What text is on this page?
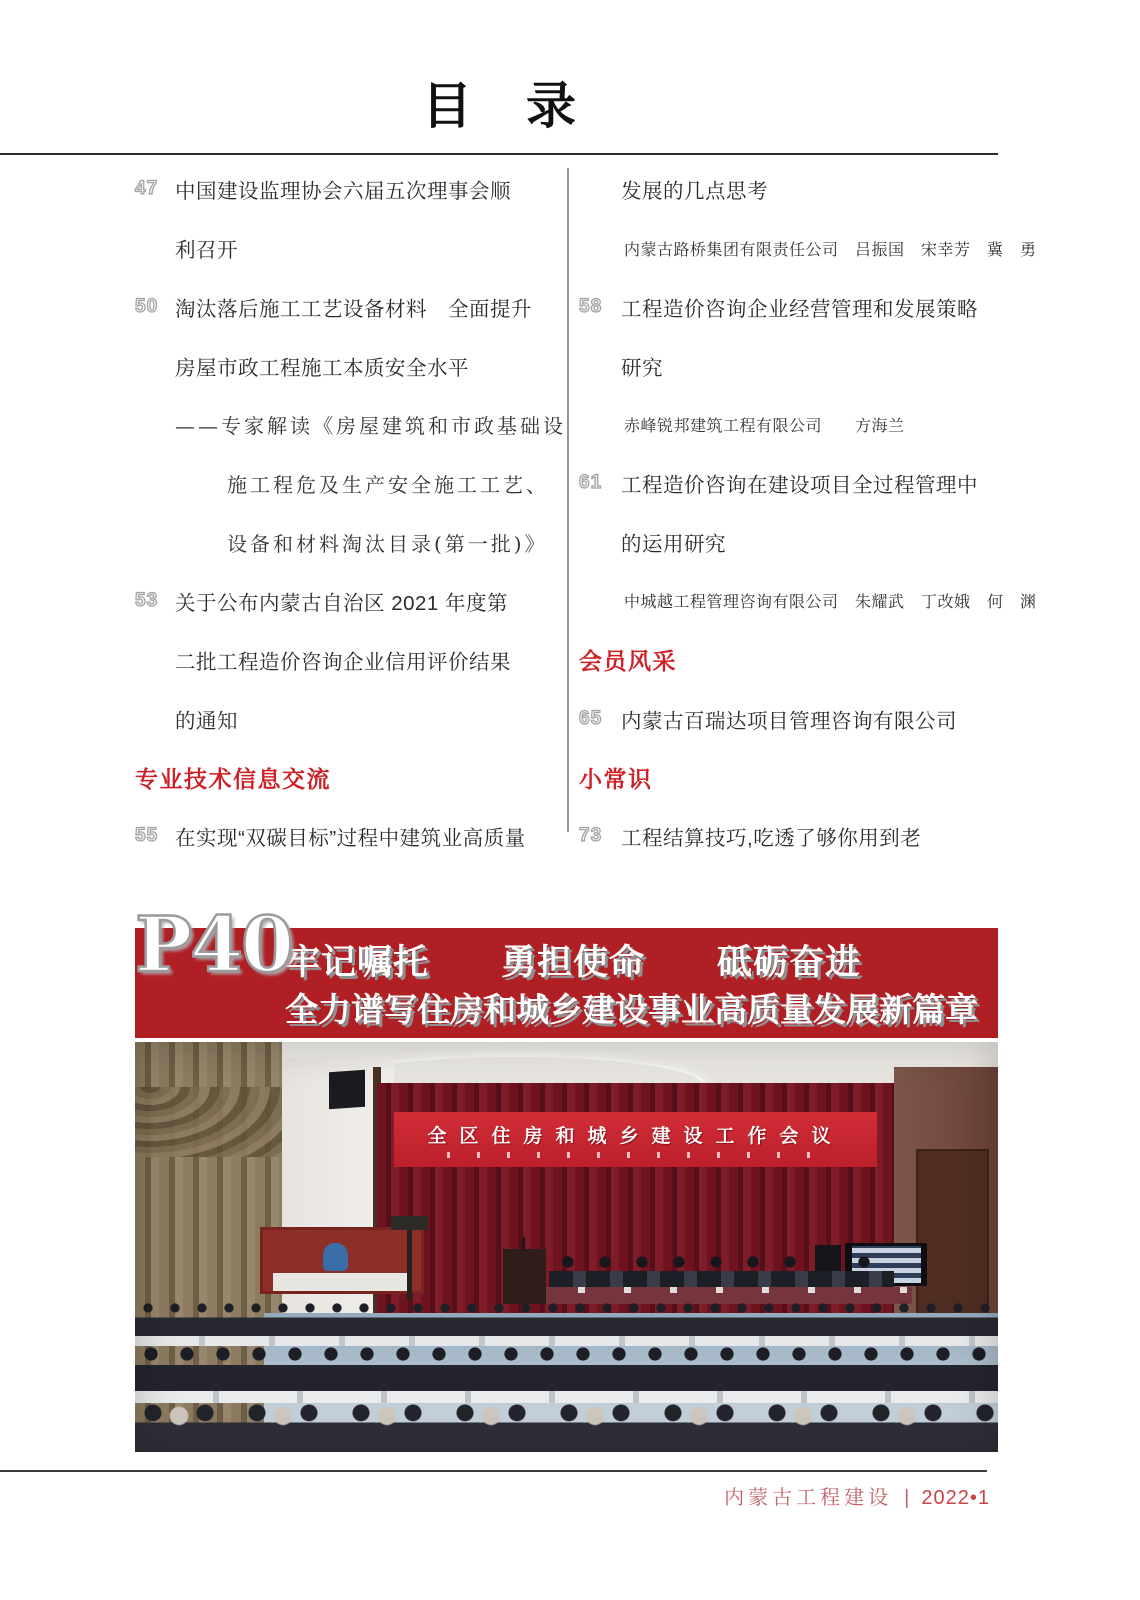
目　录
47 中国建设监理协会六届五次理事会顺
利召开
50 淘汰落后施工工艺设备材料　全面提升
房屋市政工程施工本质安全水平
——专家解读《房屋建筑和市政基础设
施工程危及生产安全施工工艺、
设备和材料淘汰目录(第一批)》
53 关于公布内蒙古自治区 2021 年度第
二批工程造价咨询企业信用评价结果
的通知
专业技术信息交流
55 在实现“双碳目标”过程中建筑业高质量
发展的几点思考
内蒙古路桥集团有限责任公司　吕振国　宋幸芳　冀　勇
58 工程造价咨询企业经营管理和发展策略
研究
赤峰锐邦建筑工程有限公司　　方海兰
61 工程造价咨询在建设项目全过程管理中
的运用研究
中城越工程管理咨询有限公司　朱耀武　丁改娥　何　渊
会员风采
65 内蒙古百瑞达项目管理咨询有限公司
小常识
73 工程结算技巧,吃透了够你用到老
牢记嘱托　　勇担使命　　砥砺奋进
全力谱写住房和城乡建设事业高质量发展新篇章
P40
全区住房和城乡建设工作会议
内蒙古工程建设 | 2022•1
